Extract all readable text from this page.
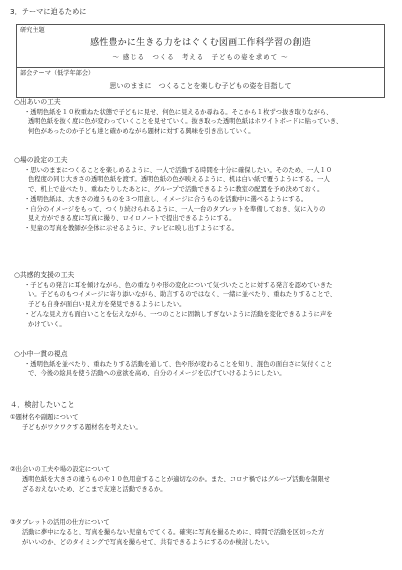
3．テーマに迫るために
研究主題
感性豊かに生きる力をはぐくむ図画工作科学習の創造
〜 感じる　つくる　考える　子どもの姿を求めて 〜
部会テーマ（低学年部会）
思いのままに　つくることを楽しむ子どもの姿を目指して
○出あいの工夫
・透明色紙を１０枚重ねた状態で子どもに見せ、何色に見えるか尋ねる。そこから１枚ずつ抜き取りながら、
透明色紙を抜く度に色が変わっていくことを見せていく。抜き取った透明色紙はホワイトボードに貼っていき、
何色があったのか子ども達と確かめながら題材に対する興味を引き出していく。
○場の設定の工夫
・思いのままにつくることを楽しめるように、一人で活動する時間を十分に確保したい。そのため、一人１０
色程度の同じ大きさの透明色紙を渡す。透明色紙の色が映えるように、机は白い紙で覆うようにする。一人
で、机上で並べたり、重ねたりしたあとに、グループで活動できるように教室の配置を予め決めておく。
・透明色紙は、大きさの違うものを３つ用意し、イメージに合うものを活動中に選べるようにする。
・自分のイメージをもって、つくり続けられるように、一人一台のタブレットを準備しておき、気に入りの
見え方ができる度に写真に撮り、ロイロノートで提出できるようにする。
・児童の写真を教師が全体に示せるように、テレビに映し出すようにする。
○共感的支援の工夫
・子どもの発言に耳を傾けながら、色の重なりや形の変化について気づいたことに対する発言を認めていきた
い。子どものもつイメージに寄り添いながら、助言するのではなく、一緒に並べたり、重ねたりすることで、
子ども自身が面白い見え方を発見できるようにしたい。
・どんな見え方も面白いことを伝えながら、一つのことに固執しすぎないように活動を変化できるように声を
かけていく。
○小中一貫の視点
・透明色紙を並べたり、重ねたりする活動を通して、色や形が変わることを知り、混色の面白さに気付くこと
で、今後の絵具を使う活動への意欲を高め、自分のイメージを広げていけるようにしたい。
４．検討したいこと
①題材名や副題について
子どもがワクワクする題材名を考えたい。
②出会いの工夫や場の設定について
透明色紙を大きさの違うものや１０色用意することが適切なのか。また、コロナ禍ではグループ活動を制限せ
ざるおえないため、どこまで友達と活動できるか。
③タブレットの活用の仕方について
活動に夢中になると、写真を撮らない児童もでてくる。確実に写真を撮るために、時間で活動を区切った方
がいいのか、どのタイミングで写真を撮らせて、共有できるようにするのか検討したい。
